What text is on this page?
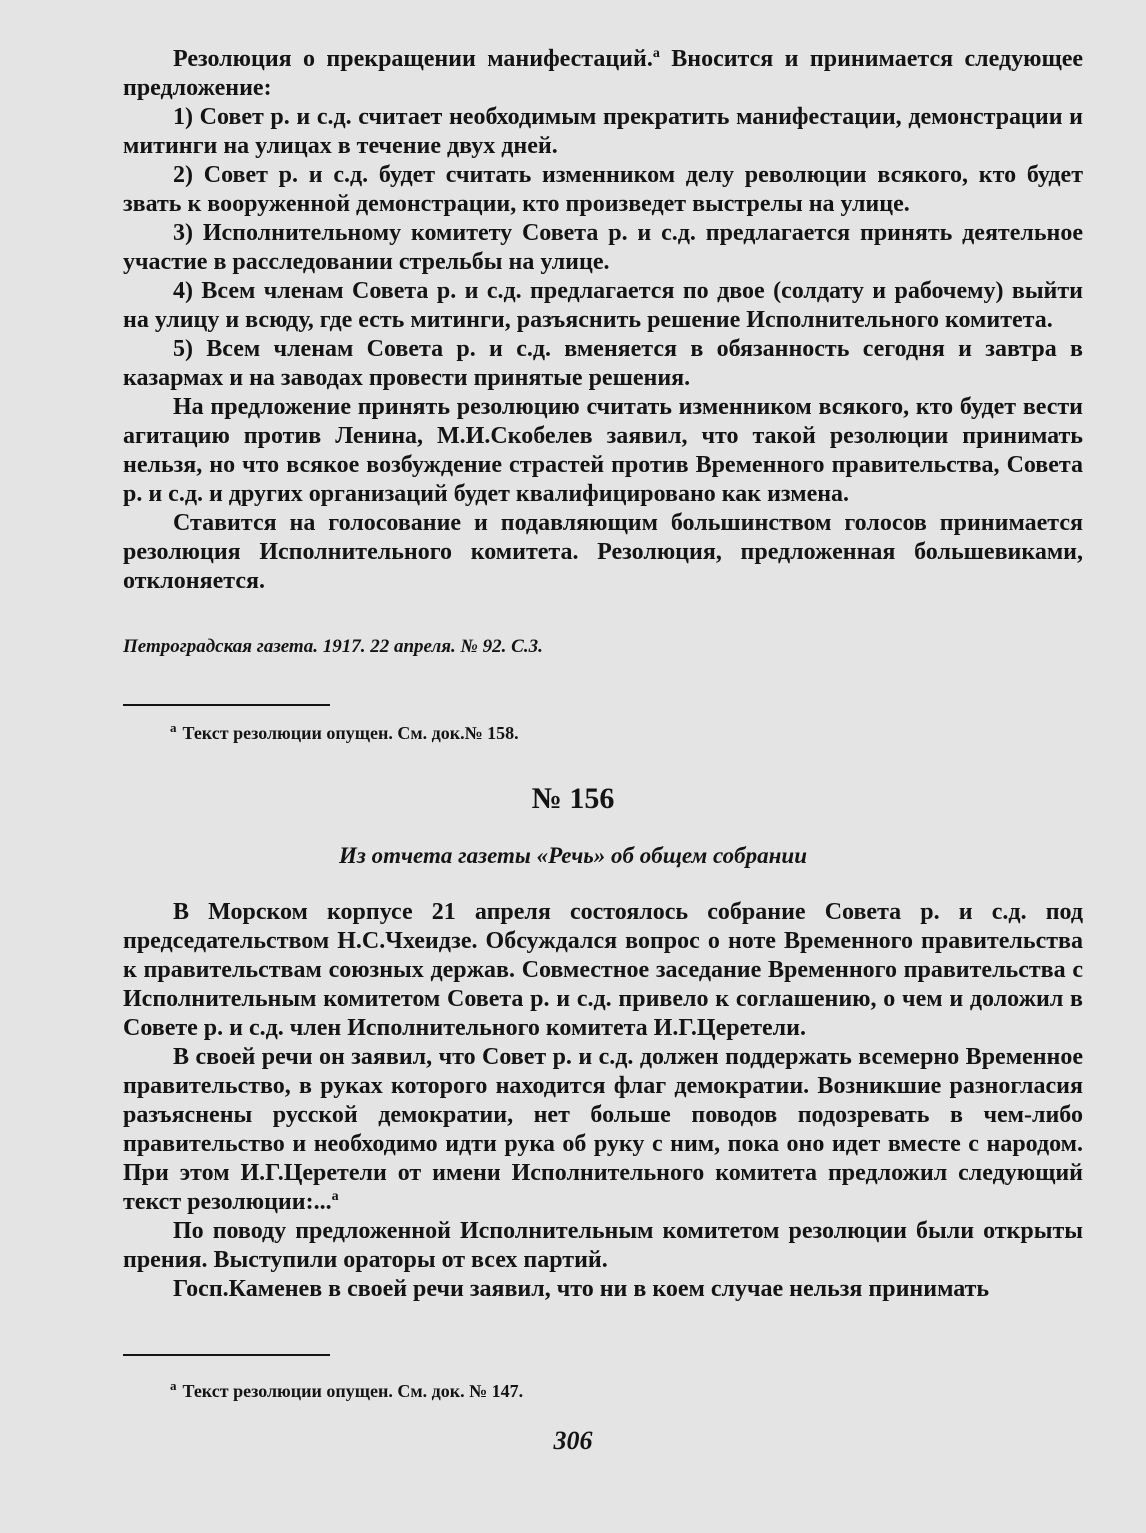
Резолюция о прекращении манифестаций.$^а$ Вносится и принимается следующее предложение:

1) Совет р. и с.д. считает необходимым прекратить манифестации, демонстрации и митинги на улицах в течение двух дней.

2) Совет р. и с.д. будет считать изменником делу революции всякого, кто будет звать к вооруженной демонстрации, кто произведет выстрелы на улице.

3) Исполнительному комитету Совета р. и с.д. предлагается принять деятельное участие в расследовании стрельбы на улице.

4) Всем членам Совета р. и с.д. предлагается по двое (солдату и рабочему) выйти на улицу и всюду, где есть митинги, разъяснить решение Исполнительного комитета.

5) Всем членам Совета р. и с.д. вменяется в обязанность сегодня и завтра в казармах и на заводах провести принятые решения.

На предложение принять резолюцию считать изменником всякого, кто будет вести агитацию против Ленина, М.И.Скобелев заявил, что такой резолюции принимать нельзя, но что всякое возбуждение страстей против Временного правительства, Совета р. и с.д. и других организаций будет квалифицировано как измена.

Ставится на голосование и подавляющим большинством голосов принимается резолюция Исполнительного комитета. Резолюция, предложенная большевиками, отклоняется.

Петроградская газета. 1917. 22 апреля. № 92. С.3.
$^а$ Текст резолюции опущен. См. док.№ 158.
№ 156
Из отчета газеты «Речь» об общем собрании

В Морском корпусе 21 апреля состоялось собрание Совета р. и с.д. под председательством Н.С.Чхеидзе. Обсуждался вопрос о ноте Временного правительства к правительствам союзных держав. Совместное заседание Временного правительства с Исполнительным комитетом Совета р. и с.д. привело к соглашению, о чем и доложил в Совете р. и с.д. член Исполнительного комитета И.Г.Церетели.

В своей речи он заявил, что Совет р. и с.д. должен поддержать всемерно Временное правительство, в руках которого находится флаг демократии. Возникшие разногласия разъяснены русской демократии, нет больше поводов подозревать в чем-либо правительство и необходимо идти рука об руку с ним, пока оно идет вместе с народом. При этом И.Г.Церетели от имени Исполнительного комитета предложил следующий текст резолюции:...$^а$

По поводу предложенной Исполнительным комитетом резолюции были открыты прения. Выступили ораторы от всех партий.

Госп.Каменев в своей речи заявил, что ни в коем случае нельзя принимать

$^а$ Текст резолюции опущен. См. док. № 147.
306
